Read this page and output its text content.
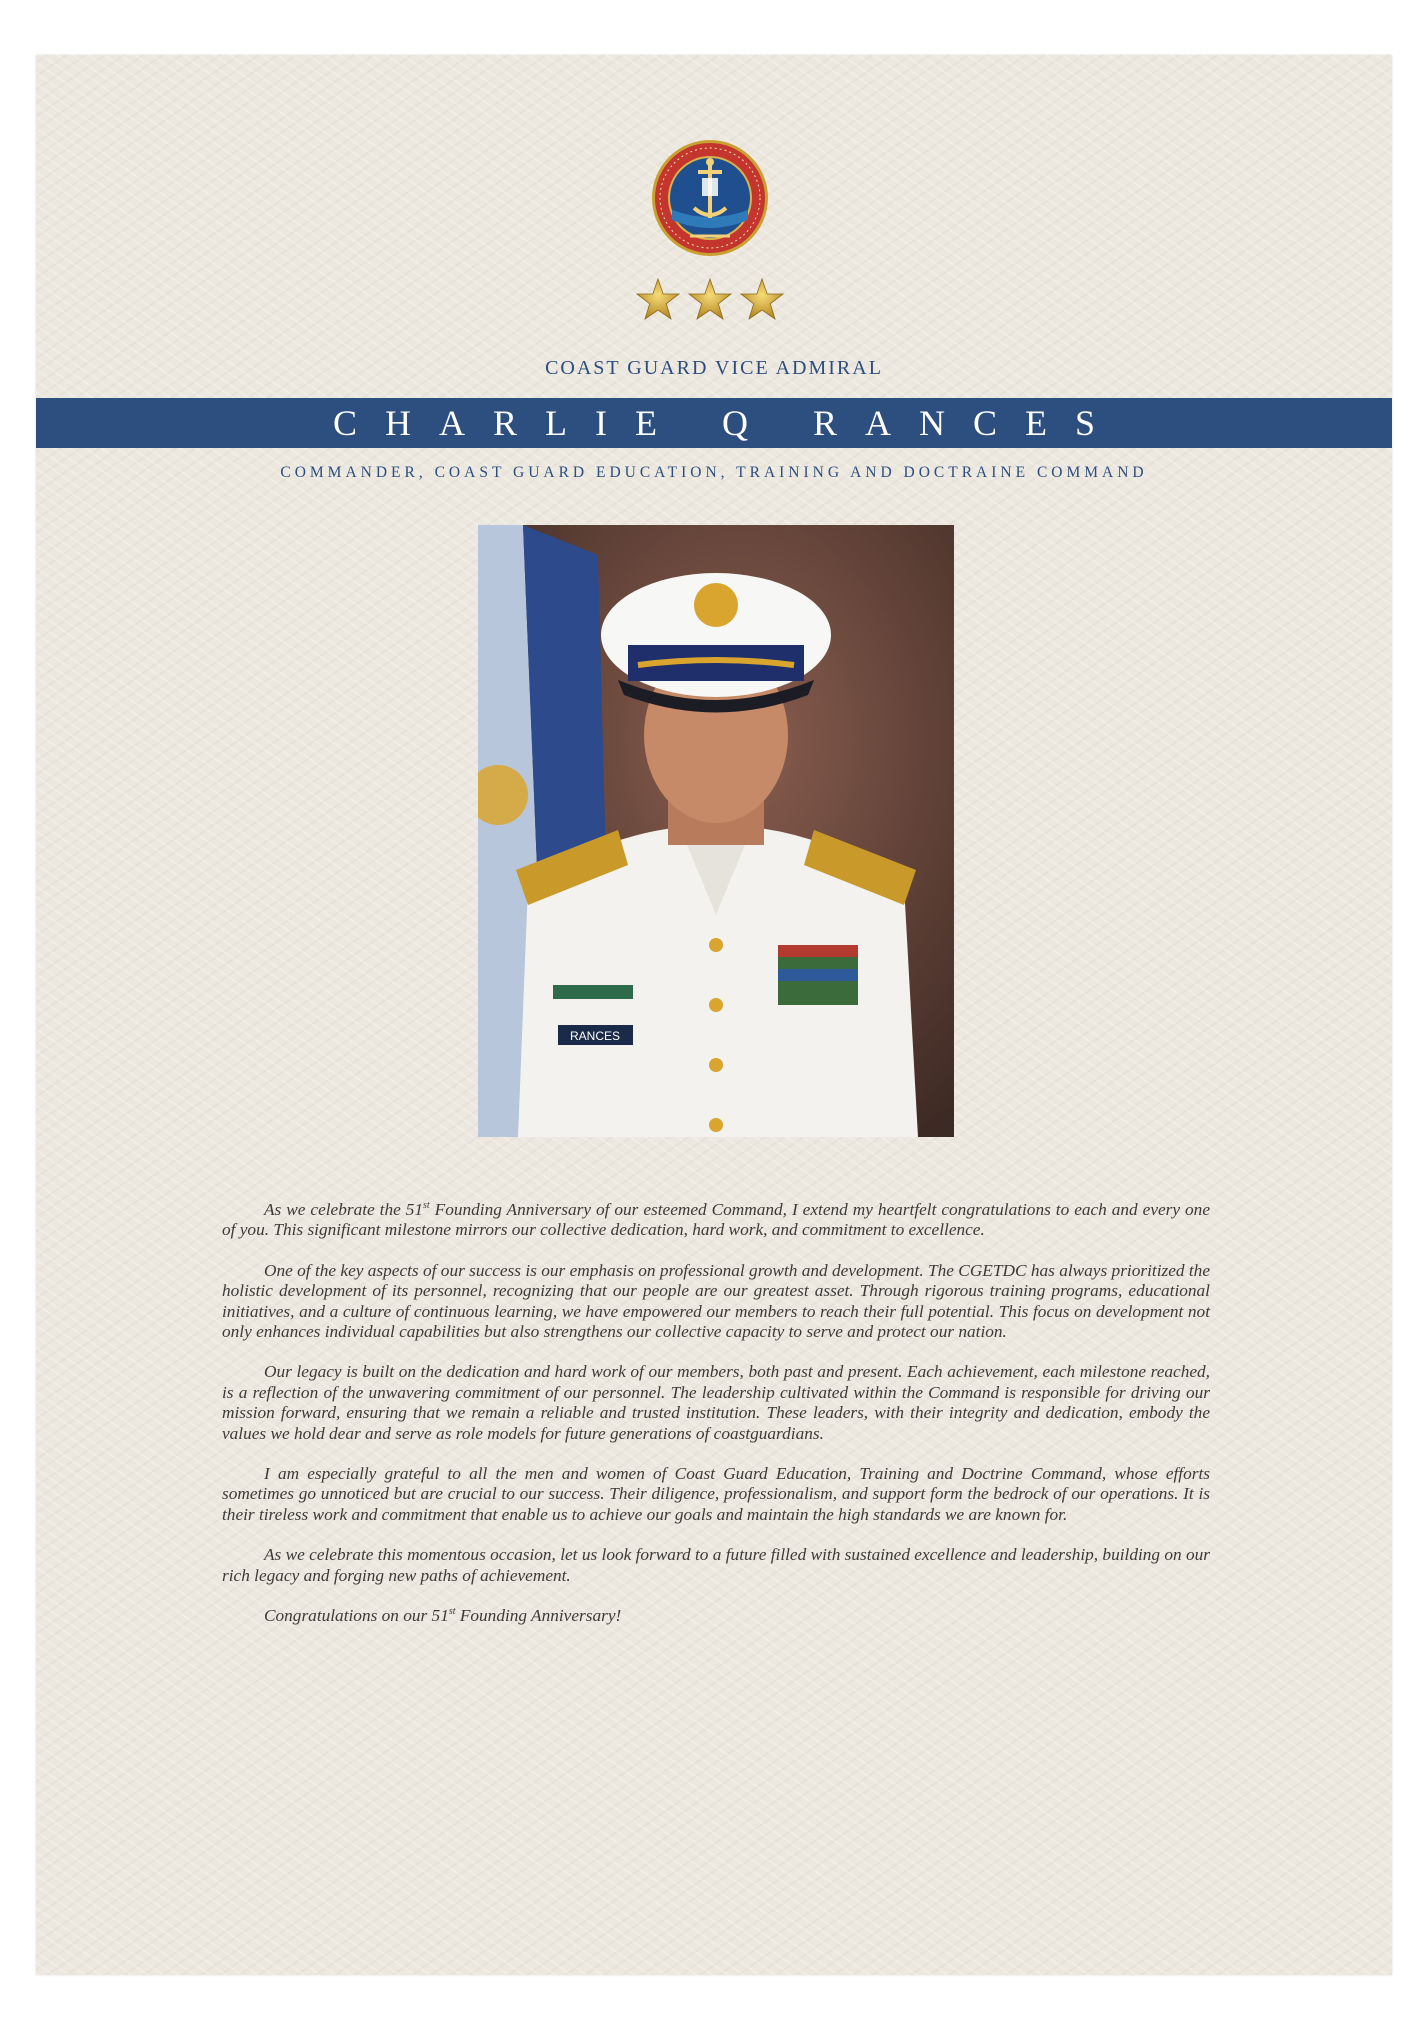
COAST GUARD VICE ADMIRAL
CHARLIE Q RANCES
COMMANDER, COAST GUARD EDUCATION, TRAINING AND DOCTRAINE COMMAND
RANCES

As we celebrate the 51st Founding Anniversary of our esteemed Command, I extend my heartfelt congratulations to each and every one of you. This significant milestone mirrors our collective dedication, hard work, and commitment to excellence.

One of the key aspects of our success is our emphasis on professional growth and development. The CGETDC has always prioritized the holistic development of its personnel, recognizing that our people are our greatest asset. Through rigorous training programs, educational initiatives, and a culture of continuous learning, we have empowered our members to reach their full potential. This focus on development not only enhances individual capabilities but also strengthens our collective capacity to serve and protect our nation.

Our legacy is built on the dedication and hard work of our members, both past and present. Each achievement, each milestone reached, is a reflection of the unwavering commitment of our personnel. The leadership cultivated within the Command is responsible for driving our mission forward, ensuring that we remain a reliable and trusted institution. These leaders, with their integrity and dedication, embody the values we hold dear and serve as role models for future generations of coastguardians.

I am especially grateful to all the men and women of Coast Guard Education, Training and Doctrine Command, whose efforts sometimes go unnoticed but are crucial to our success. Their diligence, professionalism, and support form the bedrock of our operations. It is their tireless work and commitment that enable us to achieve our goals and maintain the high standards we are known for.

As we celebrate this momentous occasion, let us look forward to a future filled with sustained excellence and leadership, building on our rich legacy and forging new paths of achievement.

Congratulations on our 51st Founding Anniversary!
